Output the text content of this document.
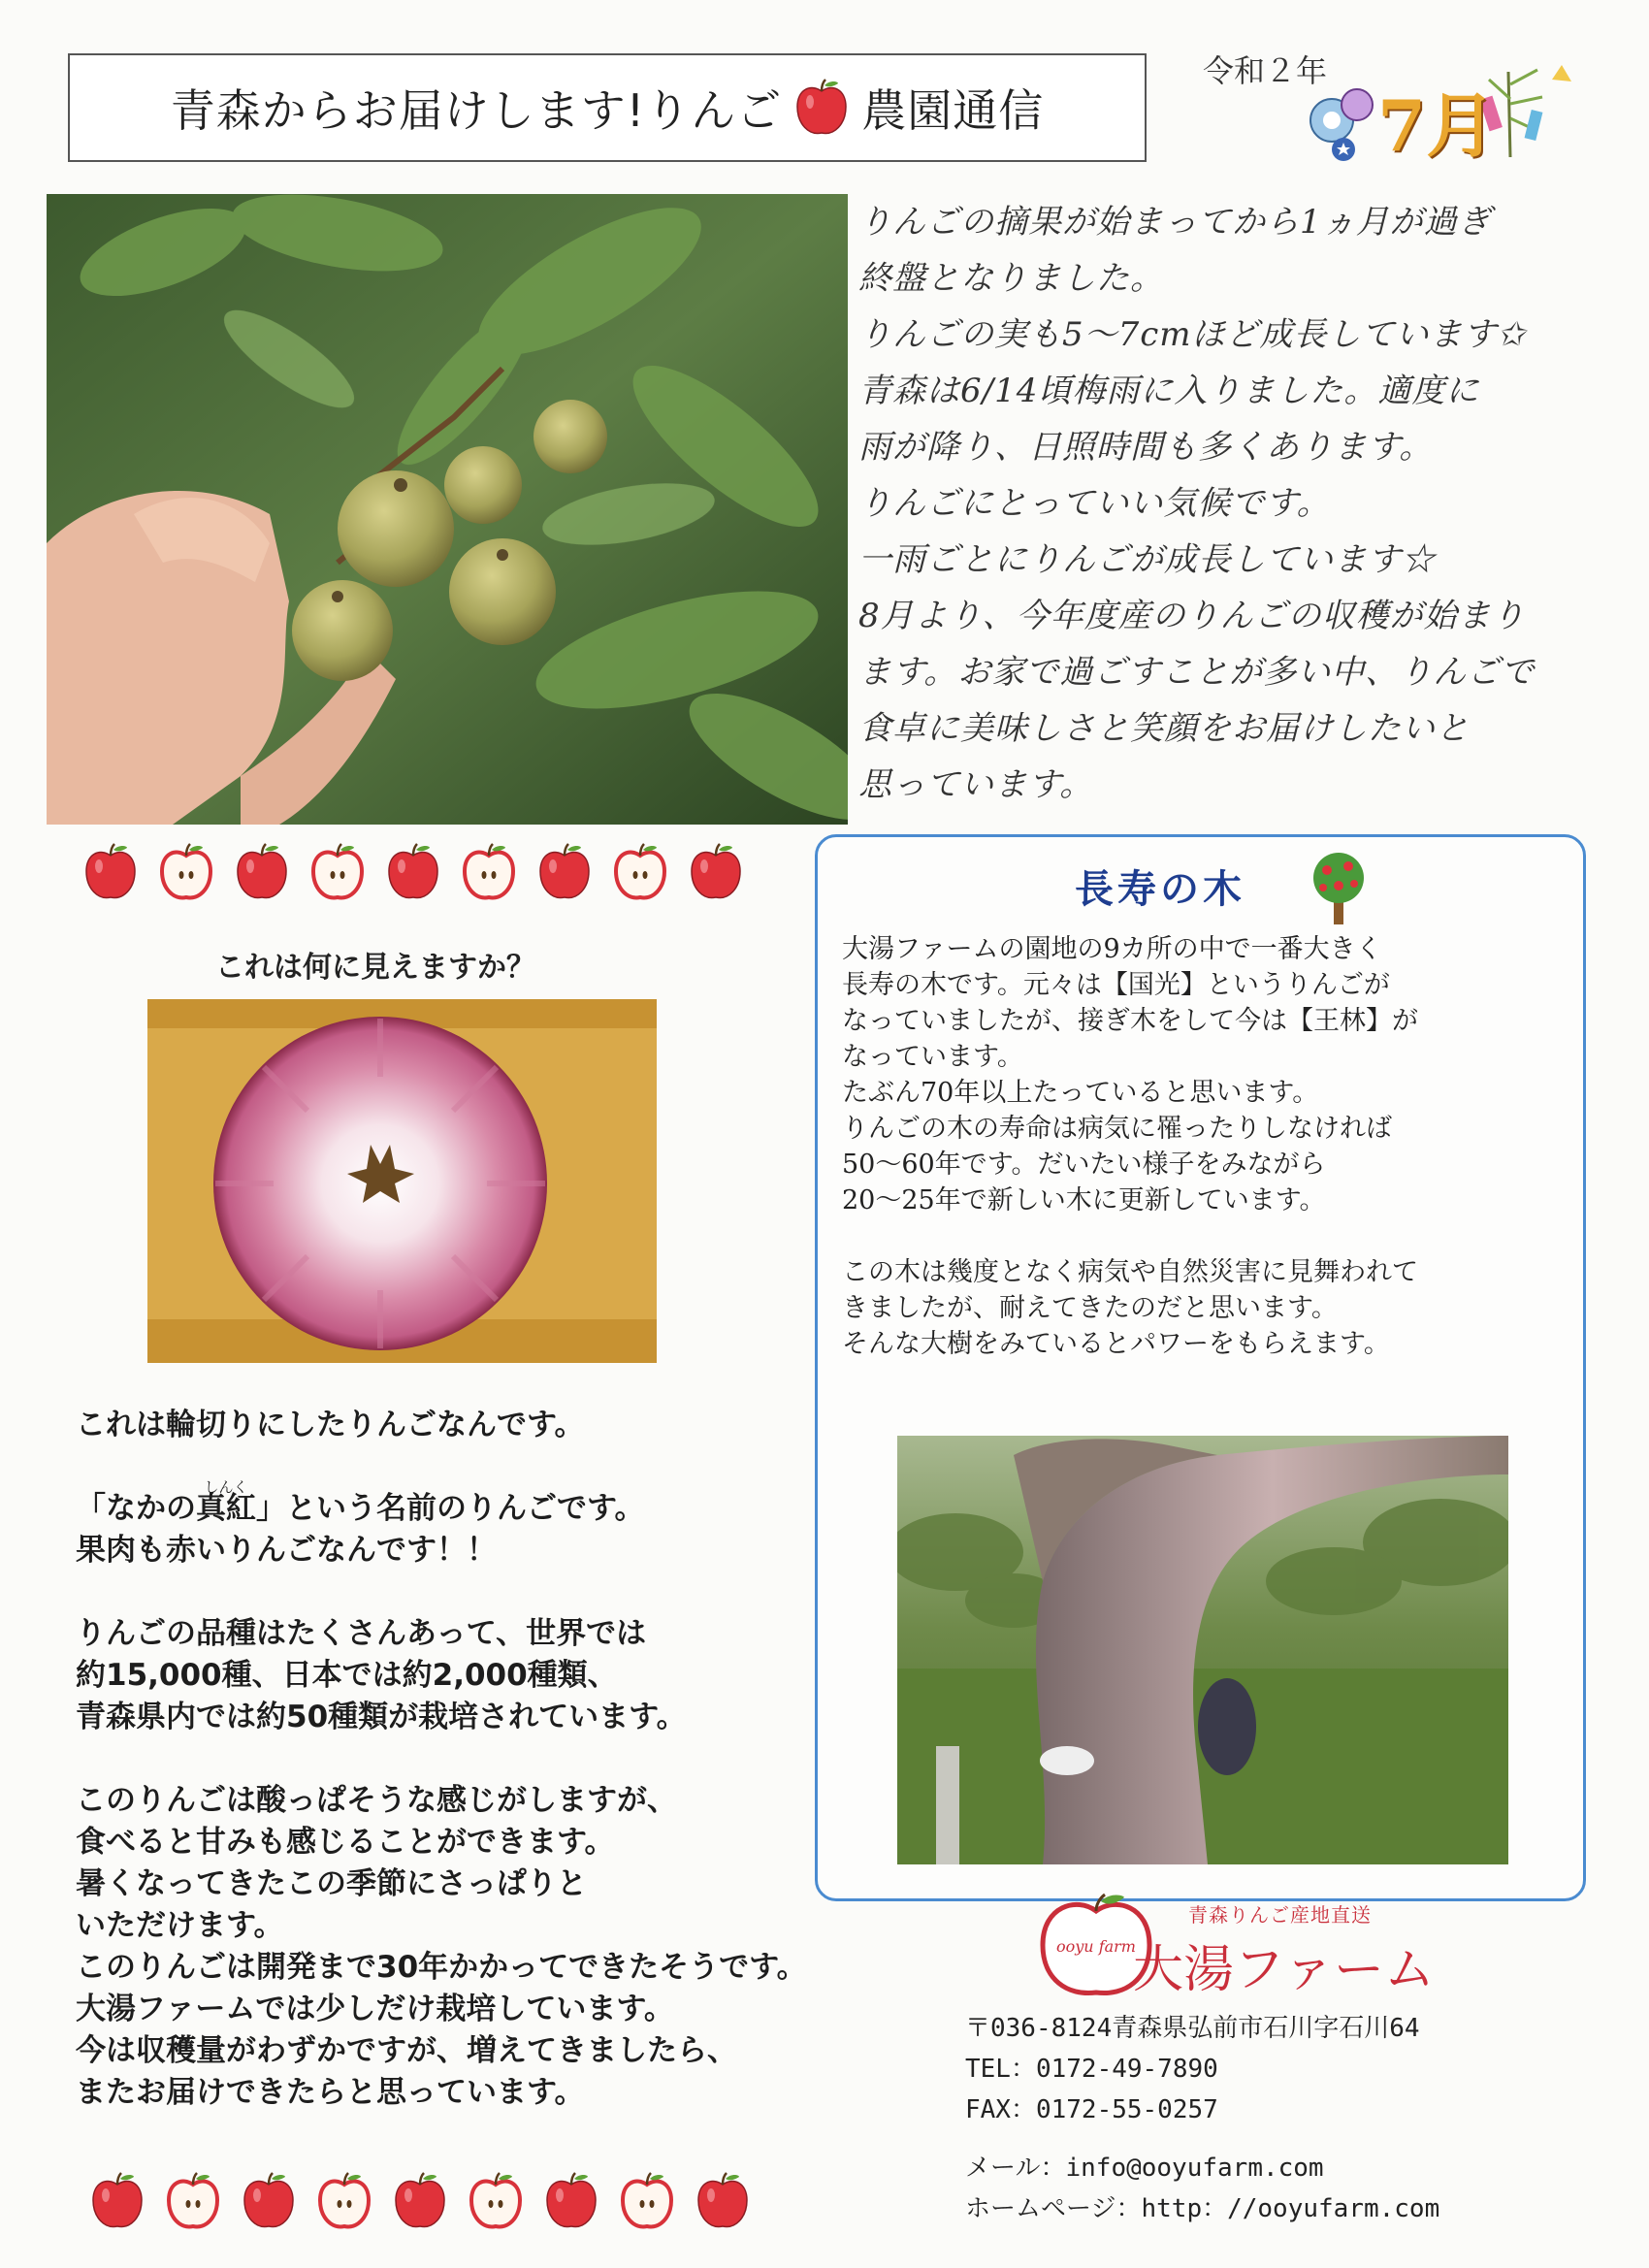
青森からお届けします!りんご 農園通信
令和２年
7月

りんごの摘果が始まってから1ヵ月が過ぎ

終盤となりました。

りんごの実も5～7cmほど成長しています✩

青森は6/14頃梅雨に入りました。適度に

雨が降り、日照時間も多くあります。

りんごにとっていい気候です。

一雨ごとにりんごが成長しています☆

8月より、今年度産のりんごの収穫が始まり

ます。お家で過ごすことが多い中、りんごで

食卓に美味しさと笑顔をお届けしたいと

思っています。

これは何に見えますか？

これは輪切りにしたりんごなんです。

「なかの
しんく
真紅」という名前のりんごです。

果肉も赤いりんごなんです！！

りんごの品種はたくさんあって、世界では

約15,000種、日本では約2,000種類、

青森県内では約50種類が栽培されています。

このりんごは酸っぱそうな感じがしますが、

食べると甘みも感じることができます。

暑くなってきたこの季節にさっぱりと

いただけます。

このりんごは開発まで30年かかってできたそうです。

大湯ファームでは少しだけ栽培しています。

今は収穫量がわずかですが、増えてきましたら、

またお届けできたらと思っています。

長寿の木

大湯ファームの園地の9カ所の中で一番大きく

長寿の木です。元々は【国光】というりんごが

なっていましたが、接ぎ木をして今は【王林】が

なっています。

たぶん70年以上たっていると思います。

りんごの木の寿命は病気に罹ったりしなければ

50～60年です。だいたい様子をみながら

20～25年で新しい木に更新しています。

この木は幾度となく病気や自然災害に見舞われて

きましたが、耐えてきたのだと思います。

そんな大樹をみているとパワーをもらえます。

ooyu farm
青森りんご産地直送
大湯ファーム

〒036-8124青森県弘前市石川字石川64

TEL：0172-49-7890

FAX：0172-55-0257

メール：info@ooyufarm.com

ホームページ：http：//ooyufarm.com
